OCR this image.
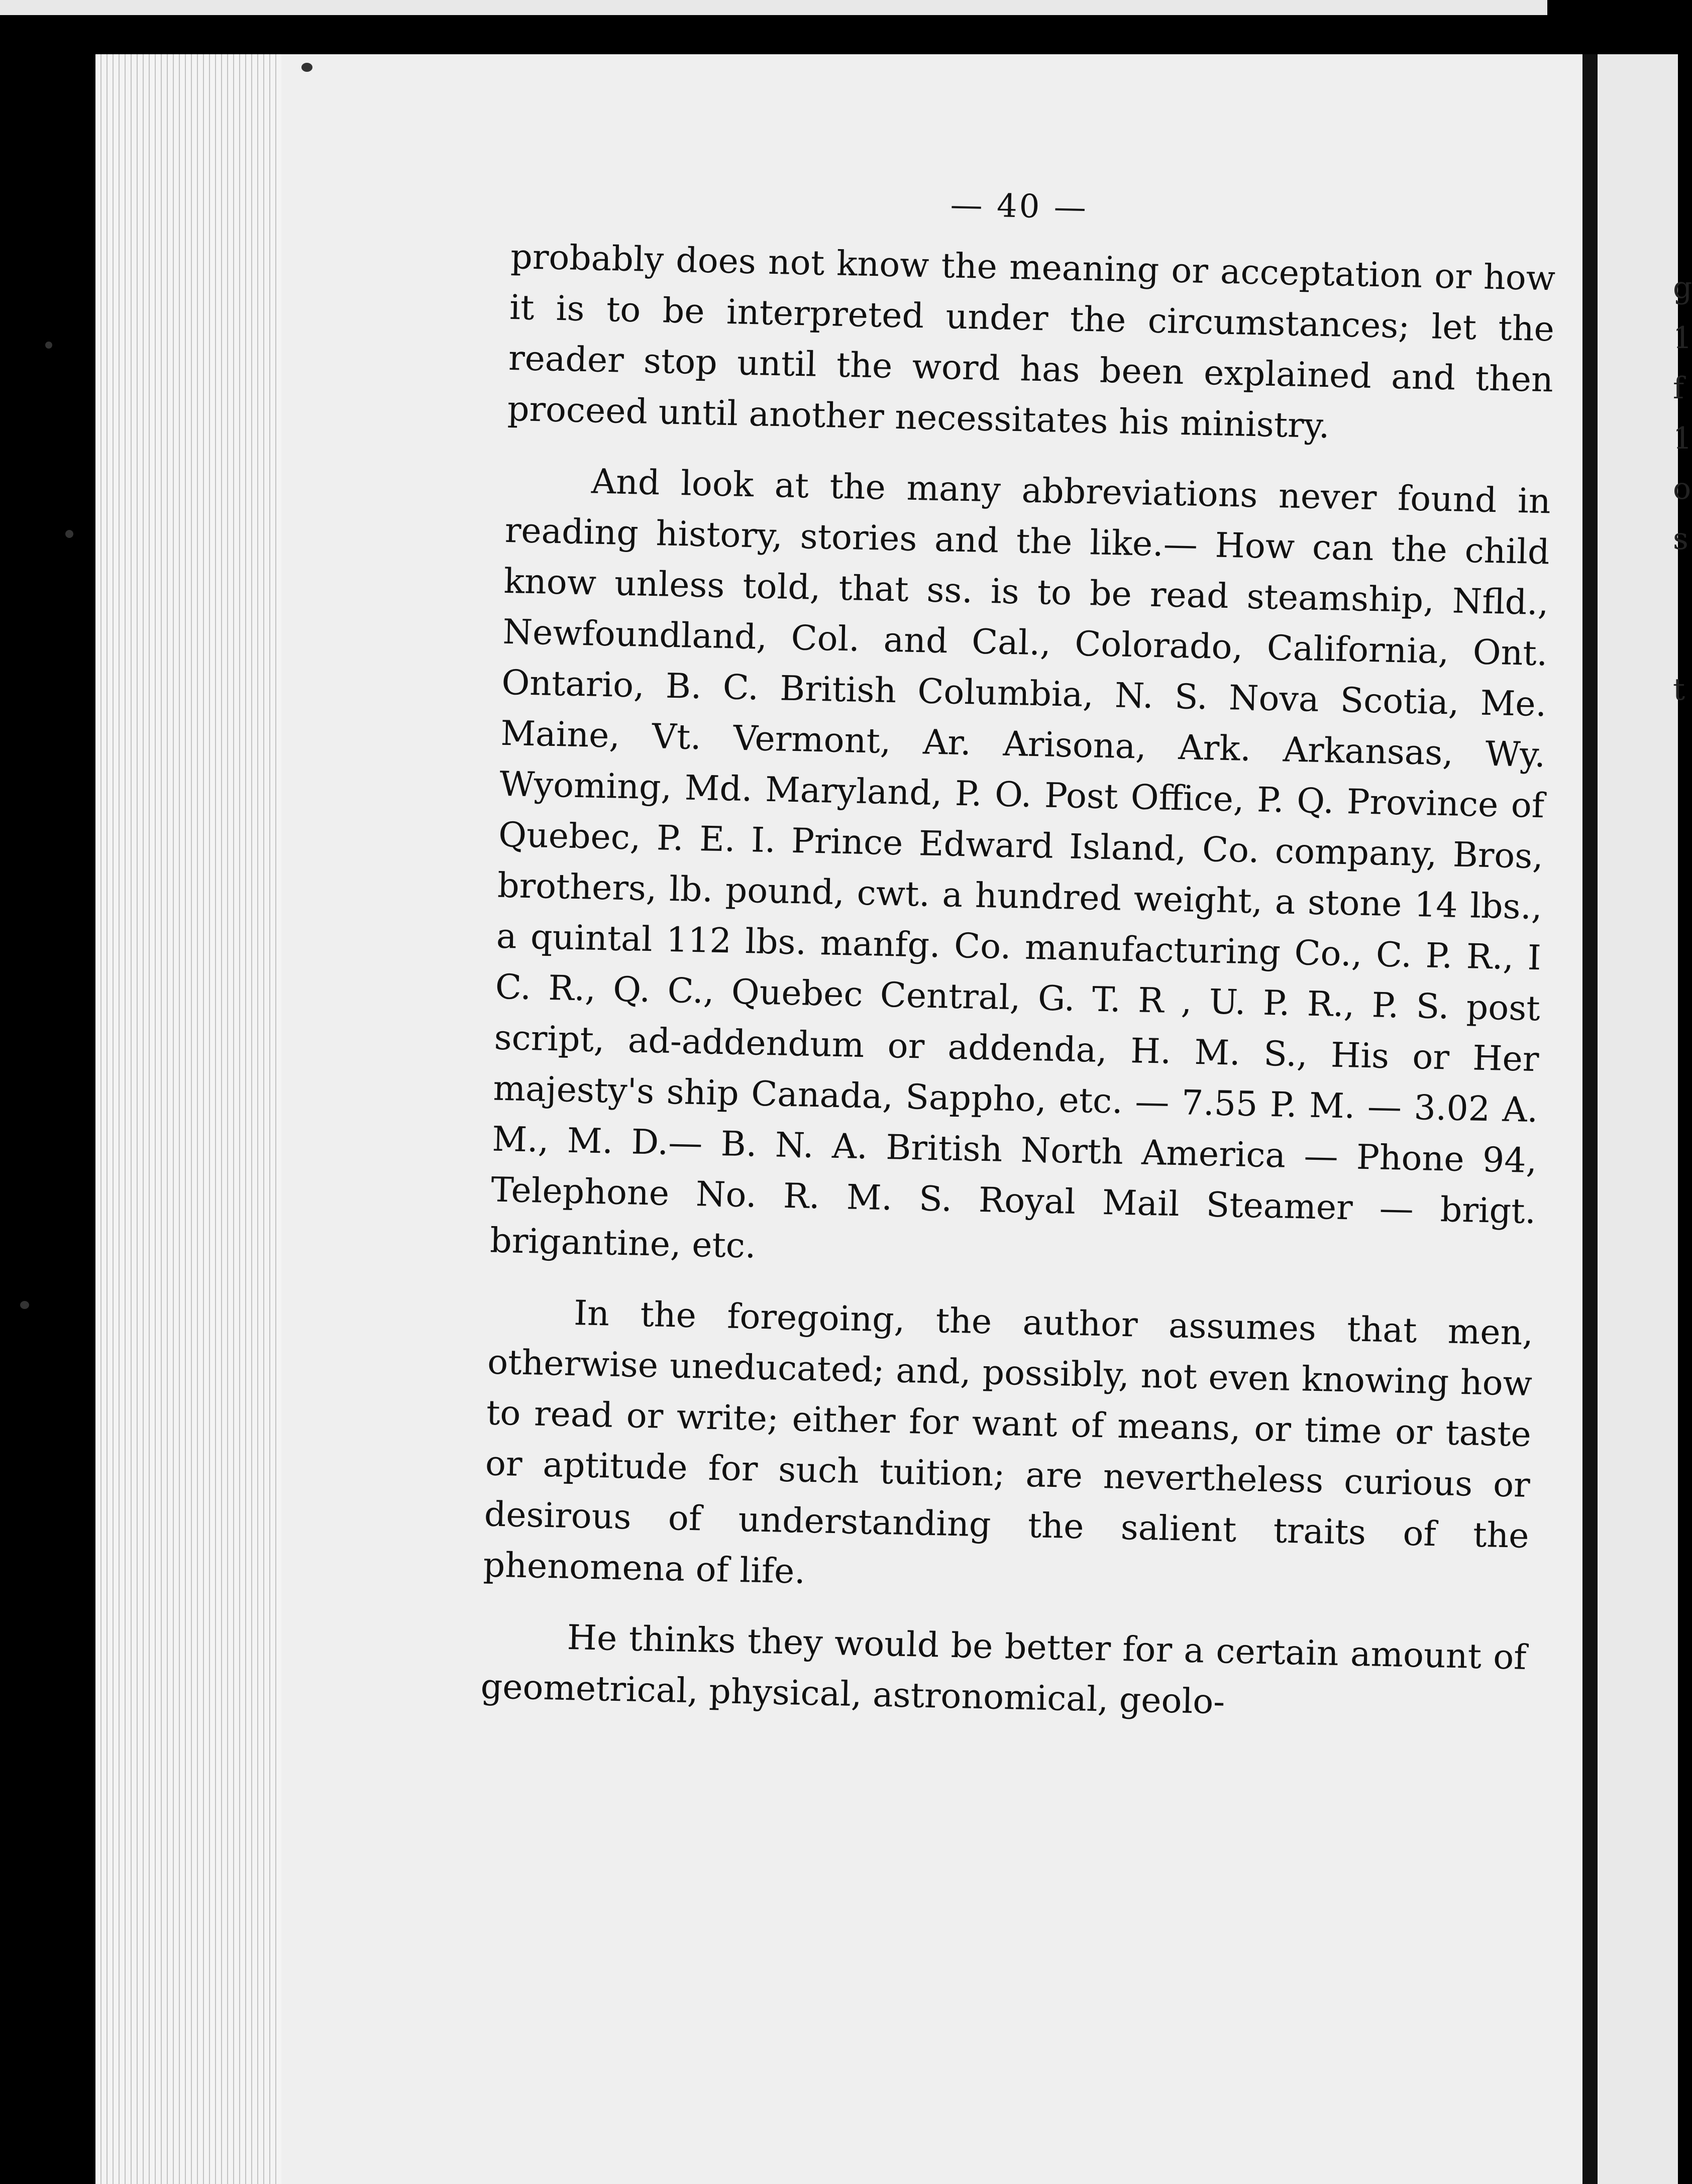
g
1
f
1
o
s
t
— 40 —

probably does not know the meaning or acceptation or how it is to be interpreted under the circumstances; let the reader stop until the word has been explained and then proceed until another necessitates his ministry.

And look at the many abbreviations never found in reading history, stories and the like.— How can the child know unless told, that ss. is to be read steamship, Nfld., Newfoundland, Col. and Cal., Colorado, California, Ont. Ontario, B. C. British Columbia, N. S. Nova Scotia, Me. Maine, Vt. Vermont, Ar. Arisona, Ark. Arkansas, Wy. Wyoming, Md. Maryland, P. O. Post Office, P. Q. Province of Quebec, P. E. I. Prince Edward Island, Co. company, Bros, brothers, lb. pound, cwt. a hundred weight, a stone 14 lbs., a quintal 112 lbs. manfg. Co. manufacturing Co., C. P. R., I C. R., Q. C., Quebec Central, G. T. R , U. P. R., P. S. post script, ad-addendum or addenda, H. M. S., His or Her majesty's ship Canada, Sappho, etc. — 7.55 P. M. — 3.02 A. M., M. D.— B. N. A. British North America — Phone 94, Telephone No. R. M. S. Royal Mail Steamer — brigt. brigantine, etc.

In the foregoing, the author assumes that men, otherwise uneducated; and, possibly, not even knowing how to read or write; either for want of means, or time or taste or aptitude for such tuition; are nevertheless curious or desirous of understanding the salient traits of the phenomena of life.

He thinks they would be better for a certain amount of geometrical, physical, astronomical, geolo-
